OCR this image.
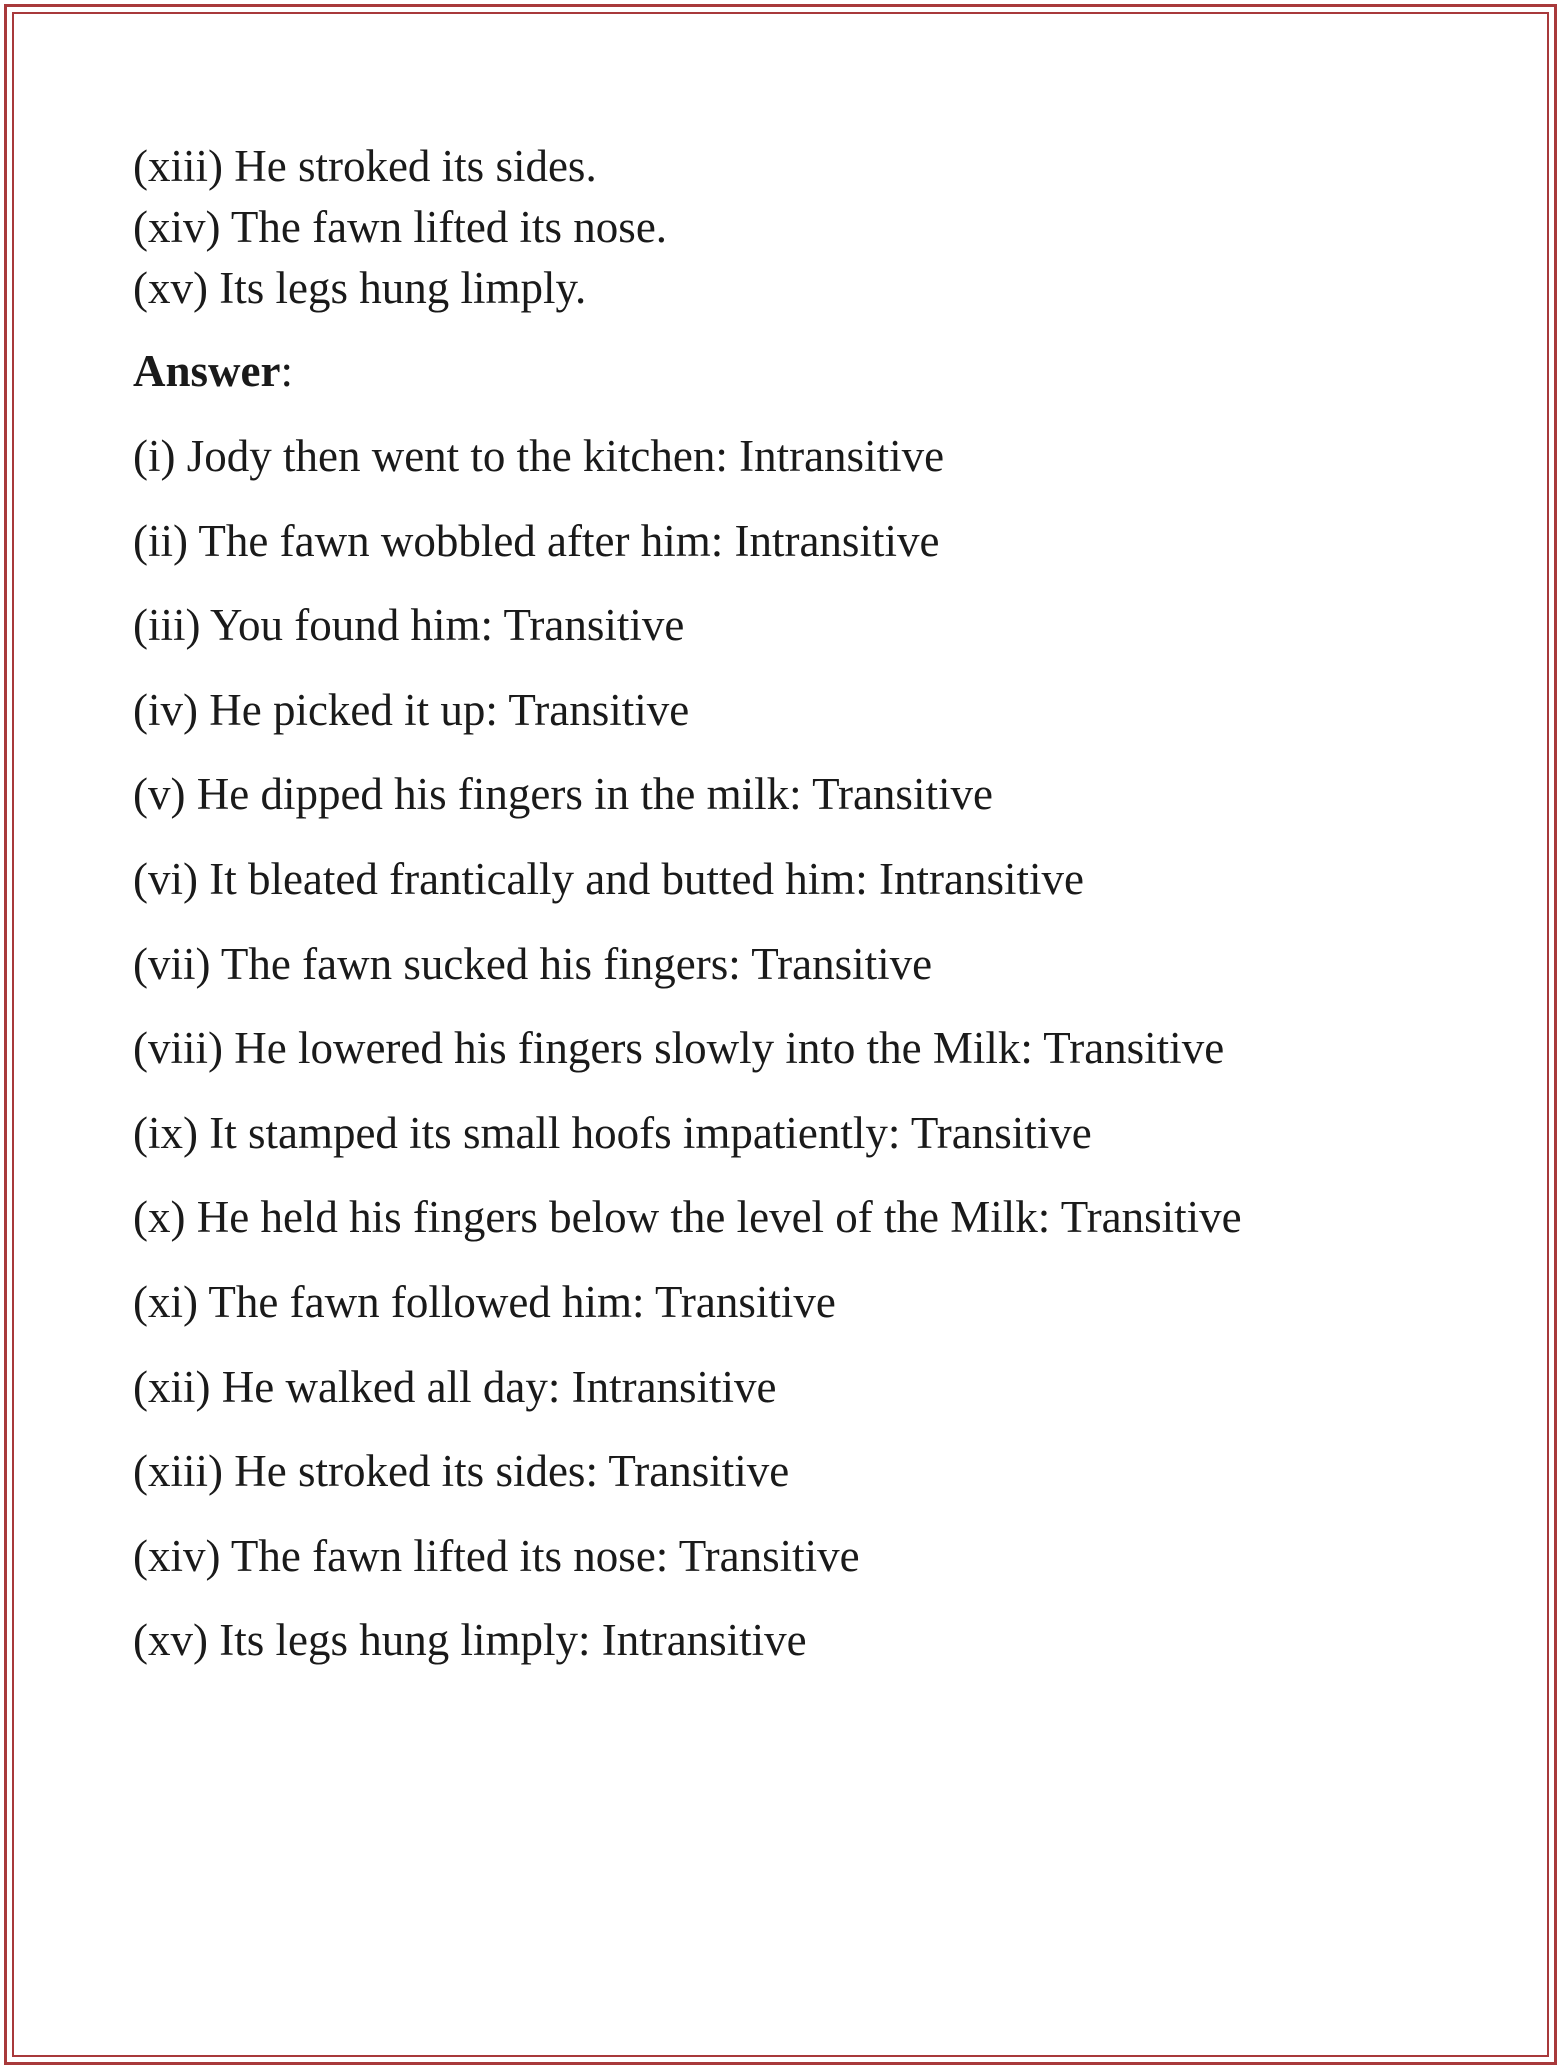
(xiii) He stroked its sides.
(xiv) The fawn lifted its nose.
(xv) Its legs hung limply.
Answer:
(i) Jody then went to the kitchen: Intransitive
(ii) The fawn wobbled after him: Intransitive
(iii) You found him: Transitive
(iv) He picked it up: Transitive
(v) He dipped his fingers in the milk: Transitive
(vi) It bleated frantically and butted him: Intransitive
(vii) The fawn sucked his fingers: Transitive
(viii) He lowered his fingers slowly into the Milk: Transitive
(ix) It stamped its small hoofs impatiently: Transitive
(x) He held his fingers below the level of the Milk: Transitive
(xi) The fawn followed him: Transitive
(xii) He walked all day: Intransitive
(xiii) He stroked its sides: Transitive
(xiv) The fawn lifted its nose: Transitive
(xv) Its legs hung limply: Intransitive
